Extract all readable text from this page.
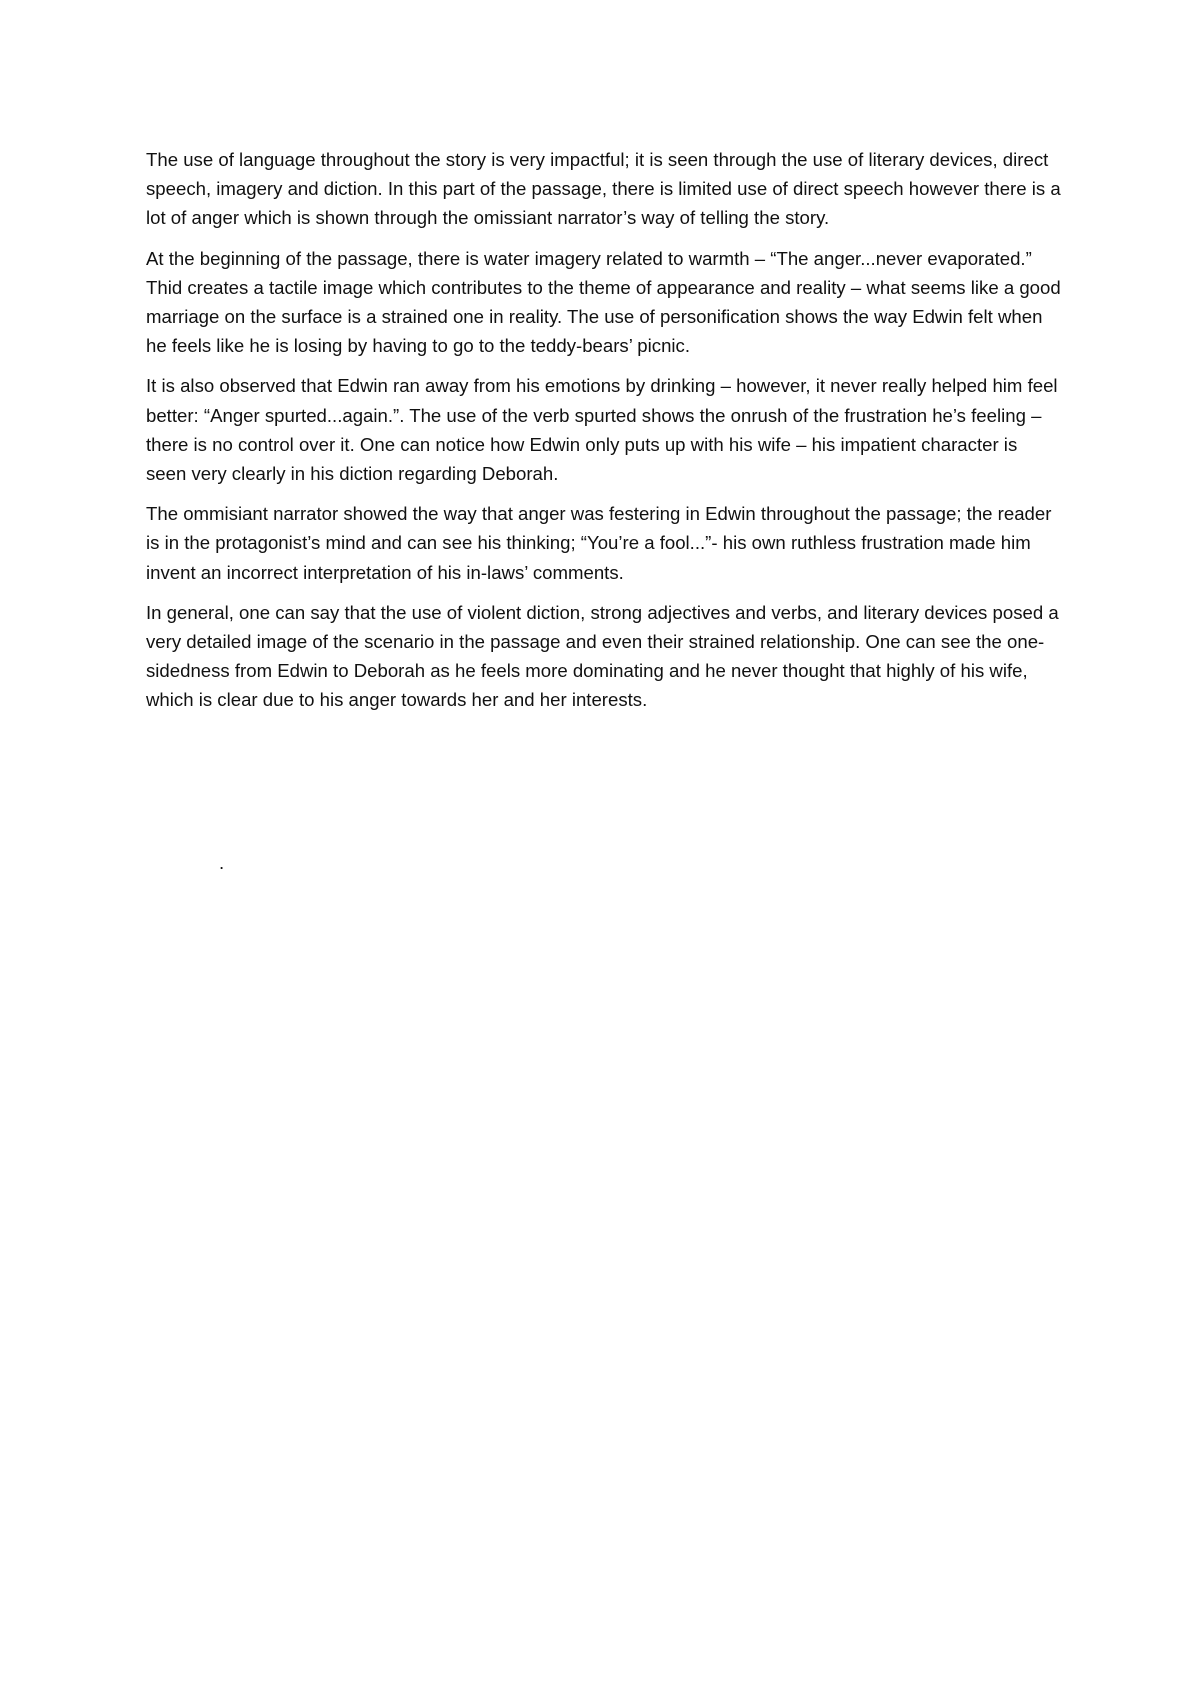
The use of language throughout the story is very impactful; it is seen through the use of literary devices, direct speech, imagery and diction. In this part of the passage, there is limited use of direct speech however there is a lot of anger which is shown through the omissiant narrator’s way of telling the story.

At the beginning of the passage, there is water imagery related to warmth – “The anger...never evaporated.” Thid creates a tactile image which contributes to the theme of appearance and reality – what seems like a good marriage on the surface is a strained one in reality. The use of personification shows the way Edwin felt when he feels like he is losing by having to go to the teddy-bears’ picnic.

It is also observed that Edwin ran away from his emotions by drinking – however, it never really helped him feel better: “Anger spurted...again.”. The use of the verb spurted shows the onrush of the frustration he’s feeling – there is no control over it. One can notice how Edwin only puts up with his wife – his impatient character is seen very clearly in his diction regarding Deborah.

The ommisiant narrator showed the way that anger was festering in Edwin throughout the passage; the reader is in the protagonist’s mind and can see his thinking; “You’re a fool...”- his own ruthless frustration made him invent an incorrect interpretation of his in-laws’ comments.

In general, one can say that the use of violent diction, strong adjectives and verbs, and literary devices posed a very detailed image of the scenario in the passage and even their strained relationship. One can see the one-sidedness from Edwin to Deborah as he feels more dominating and he never thought that highly of his wife, which is clear due to his anger towards her and her interests.

.
